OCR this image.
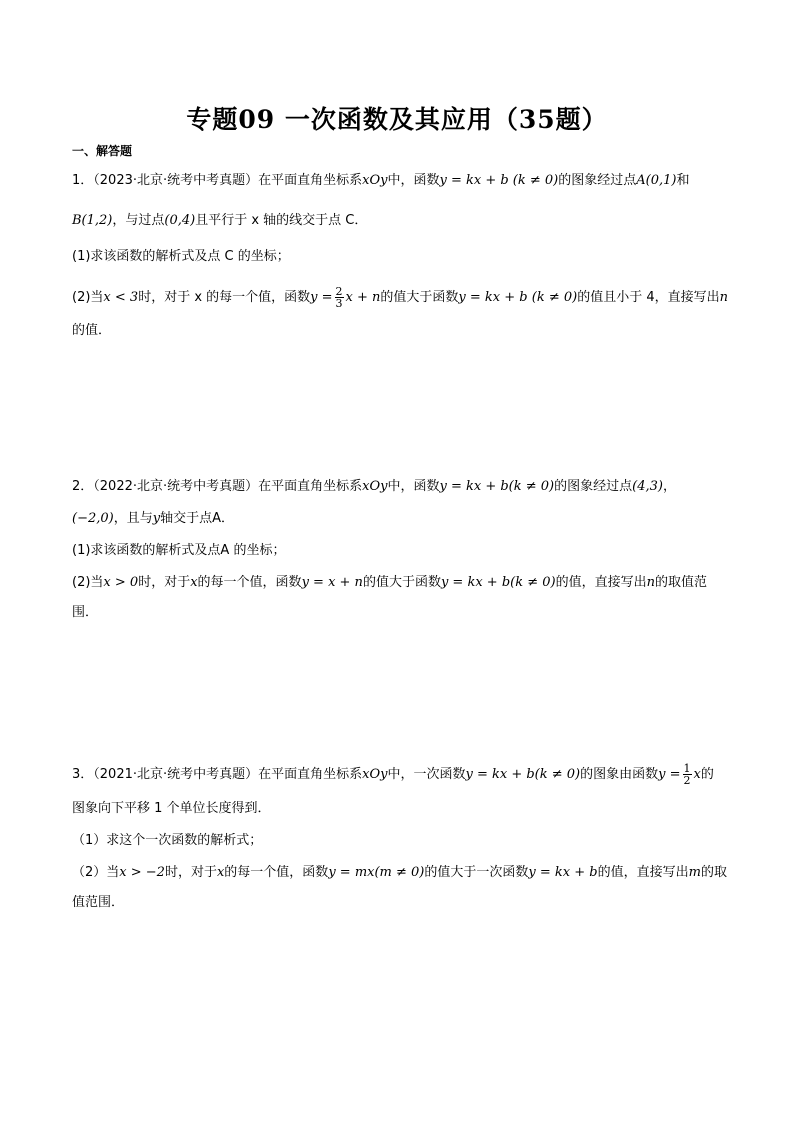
专题09 一次函数及其应用（35题）
一、解答题
1．（2023·北京·统考中考真题）在平面直角坐标系xOy中，函数y = kx + b (k ≠ 0)的图象经过点A(0,1)和
B(1,2)，与过点(0,4)且平行于 x 轴的线交于点 C．
(1)求该函数的解析式及点 C 的坐标；
(2)当x < 3时，对于 x 的每一个值，函数$y = \frac{2}{3}$ x + n的值大于函数y = kx + b (k ≠ 0)的值且小于 4，直接写出n
的值．
2．（2022·北京·统考中考真题）在平面直角坐标系xOy中，函数y = kx + b(k ≠ 0)的图象经过点(4,3)，
(−2,0)，且与y轴交于点A．
(1)求该函数的解析式及点A 的坐标；
(2)当x > 0时，对于x的每一个值，函数y = x + n的值大于函数y = kx + b(k ≠ 0)的值，直接写出n的取值范
围．
3．（2021·北京·统考中考真题）在平面直角坐标系xOy中，一次函数y = kx + b(k ≠ 0)的图象由函数$y = \frac{1}{2}$ x的
图象向下平移 1 个单位长度得到．
（1）求这个一次函数的解析式；
（2）当x > −2时，对于x的每一个值，函数y = mx(m ≠ 0)的值大于一次函数y = kx + b的值，直接写出m的取
值范围．
